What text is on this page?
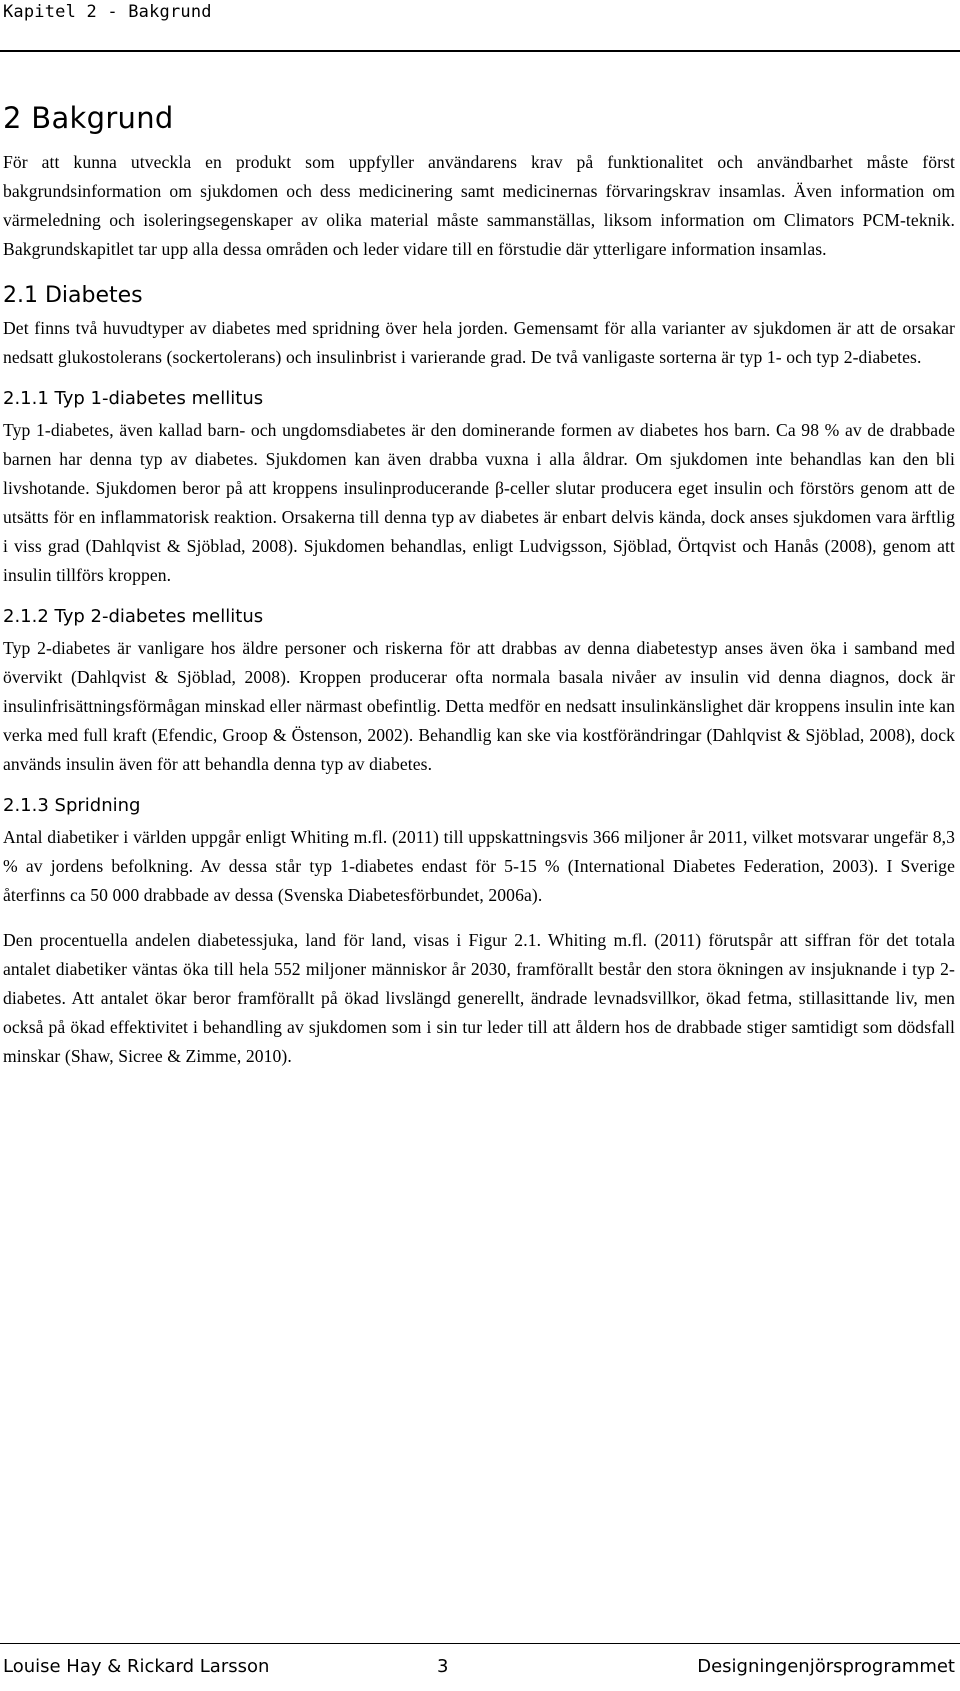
Kapitel 2 - Bakgrund
2 Bakgrund

För att kunna utveckla en produkt som uppfyller användarens krav på funktionalitet och användbarhet måste först bakgrundsinformation om sjukdomen och dess medicinering samt medicinernas förvaringskrav insamlas. Även information om värmeledning och isoleringsegenskaper av olika material måste sammanställas, liksom information om Climators PCM-teknik. Bakgrundskapitlet tar upp alla dessa områden och leder vidare till en förstudie där ytterligare information insamlas.

2.1 Diabetes

Det finns två huvudtyper av diabetes med spridning över hela jorden. Gemensamt för alla varianter av sjukdomen är att de orsakar nedsatt glukostolerans (sockertolerans) och insulinbrist i varierande grad. De två vanligaste sorterna är typ 1- och typ 2-diabetes.

2.1.1 Typ 1-diabetes mellitus

Typ 1-diabetes, även kallad barn- och ungdomsdiabetes är den dominerande formen av diabetes hos barn. Ca 98 % av de drabbade barnen har denna typ av diabetes. Sjukdomen kan även drabba vuxna i alla åldrar. Om sjukdomen inte behandlas kan den bli livshotande. Sjukdomen beror på att kroppens insulinproducerande β-celler slutar producera eget insulin och förstörs genom att de utsätts för en inflammatorisk reaktion. Orsakerna till denna typ av diabetes är enbart delvis kända, dock anses sjukdomen vara ärftlig i viss grad (Dahlqvist & Sjöblad, 2008). Sjukdomen behandlas, enligt Ludvigsson, Sjöblad, Örtqvist och Hanås (2008), genom att insulin tillförs kroppen.

2.1.2 Typ 2-diabetes mellitus

Typ 2-diabetes är vanligare hos äldre personer och riskerna för att drabbas av denna diabetestyp anses även öka i samband med övervikt (Dahlqvist & Sjöblad, 2008). Kroppen producerar ofta normala basala nivåer av insulin vid denna diagnos, dock är insulinfrisättningsförmågan minskad eller närmast obefintlig. Detta medför en nedsatt insulinkänslighet där kroppens insulin inte kan verka med full kraft (Efendic, Groop & Östenson, 2002). Behandlig kan ske via kostförändringar (Dahlqvist & Sjöblad, 2008), dock används insulin även för att behandla denna typ av diabetes.

2.1.3 Spridning

Antal diabetiker i världen uppgår enligt Whiting m.fl. (2011) till uppskattningsvis 366 miljoner år 2011, vilket motsvarar ungefär 8,3 % av jordens befolkning. Av dessa står typ 1-diabetes endast för 5-15 % (International Diabetes Federation, 2003). I Sverige återfinns ca 50 000 drabbade av dessa (Svenska Diabetesförbundet, 2006a).

Den procentuella andelen diabetessjuka, land för land, visas i Figur 2.1. Whiting m.fl. (2011) förutspår att siffran för det totala antalet diabetiker väntas öka till hela 552 miljoner människor år 2030, framförallt består den stora ökningen av insjuknande i typ 2-diabetes. Att antalet ökar beror framförallt på ökad livslängd generellt, ändrade levnadsvillkor, ökad fetma, stillasittande liv, men också på ökad effektivitet i behandling av sjukdomen som i sin tur leder till att åldern hos de drabbade stiger samtidigt som dödsfall minskar (Shaw, Sicree & Zimme, 2010).

Louise Hay & Rickard Larsson	3	Designingenjörsprogrammet
